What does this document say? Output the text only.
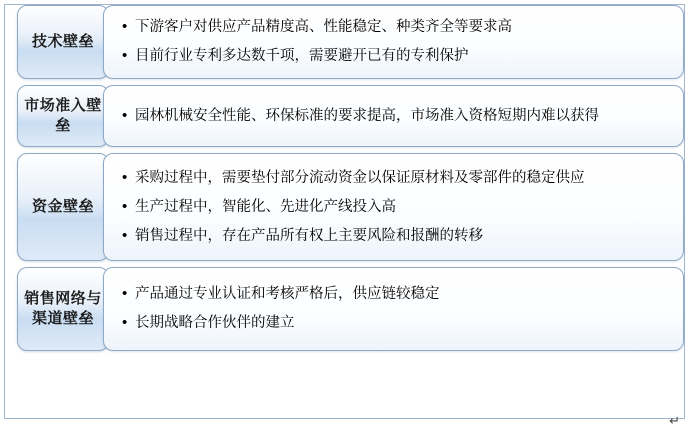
技术壁垒
• 下游客户对供应产品精度高、性能稳定、种类齐全等要求高
• 目前行业专利多达数千项，需要避开已有的专利保护
市场准入壁垒
• 园林机械安全性能、环保标准的要求提高，市场准入资格短期内难以获得
资金壁垒
• 采购过程中，需要垫付部分流动资金以保证原材料及零部件的稳定供应
• 生产过程中，智能化、先进化产线投入高
• 销售过程中，存在产品所有权上主要风险和报酬的转移
销售网络与渠道壁垒
• 产品通过专业认证和考核严格后，供应链较稳定
• 长期战略合作伙伴的建立
↵
